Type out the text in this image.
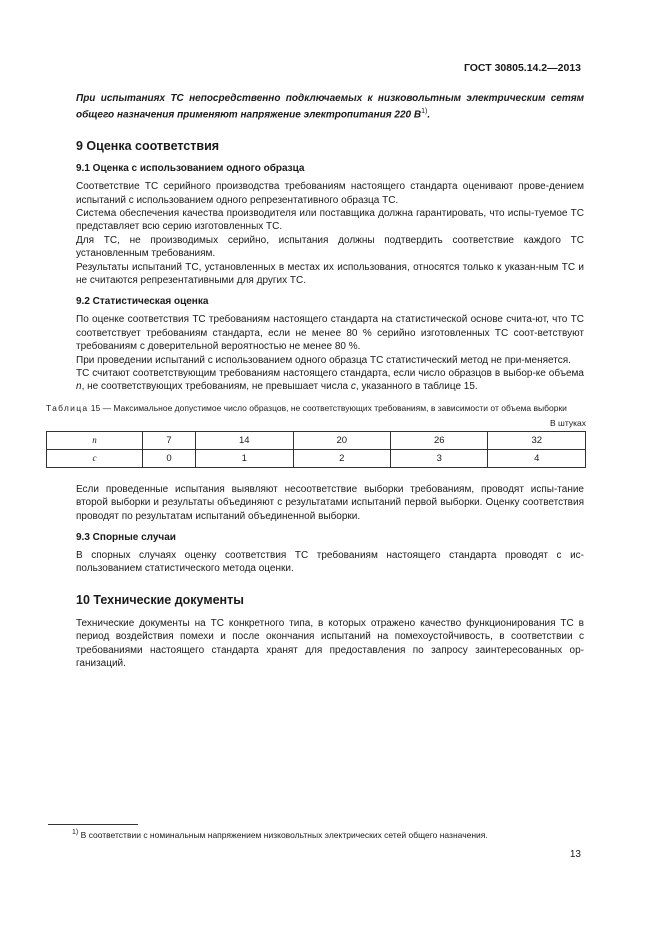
ГОСТ 30805.14.2—2013

При испытаниях ТС непосредственно подключаемых к низковольтным электрическим сетям общего назначения применяют напряжение электропитания 220 $В^{1)}$.

9 Оценка соответствия
9.1 Оценка с использованием одного образца

Соответствие ТС серийного производства требованиям настоящего стандарта оценивают прове-дением испытаний с использованием одного репрезентативного образца ТС.

Система обеспечения качества производителя или поставщика должна гарантировать, что испы-туемое ТС представляет всю серию изготовленных ТС.

Для ТС, не производимых серийно, испытания должны подтвердить соответствие каждого ТС установленным требованиям.

Результаты испытаний ТС, установленных в местах их использования, относятся только к указан-ным ТС и не считаются репрезентативными для других ТС.

9.2 Статистическая оценка

По оценке соответствия ТС требованиям настоящего стандарта на статистической основе счита-ют, что ТС соответствует требованиям стандарта, если не менее 80 % серийно изготовленных ТС соот-ветствуют требованиям с доверительной вероятностью не менее 80 %.

При проведении испытаний с использованием одного образца ТС статистический метод не при-меняется.

ТС считают соответствующим требованиям настоящего стандарта, если число образцов в выбор-ке объема n, не соответствующих требованиям, не превышает числа c, указанного в таблице 15.

Таблица 15 — Максимальное допустимое число образцов, не соответствующих требованиям, в зависимости от объема выборки
В штуках
n	7	14	20	26	32
c	0	1	2	3	4

Если проведенные испытания выявляют несоответствие выборки требованиям, проводят испы-тание второй выборки и результаты объединяют с результатами испытаний первой выборки. Оценку соответствия проводят по результатам испытаний объединенной выборки.

9.3 Спорные случаи

В спорных случаях оценку соответствия ТС требованиям настоящего стандарта проводят с ис-пользованием статистического метода оценки.

10 Технические документы

Технические документы на ТС конкретного типа, в которых отражено качество функционирования ТС в период воздействия помехи и после окончания испытаний на помехоустойчивость, в соответствии с требованиями настоящего стандарта хранят для предоставления по запросу заинтересованных ор-ганизаций.

$^{1)}$ В соответствии с номинальным напряжением низковольтных электрических сетей общего назначения.
13
